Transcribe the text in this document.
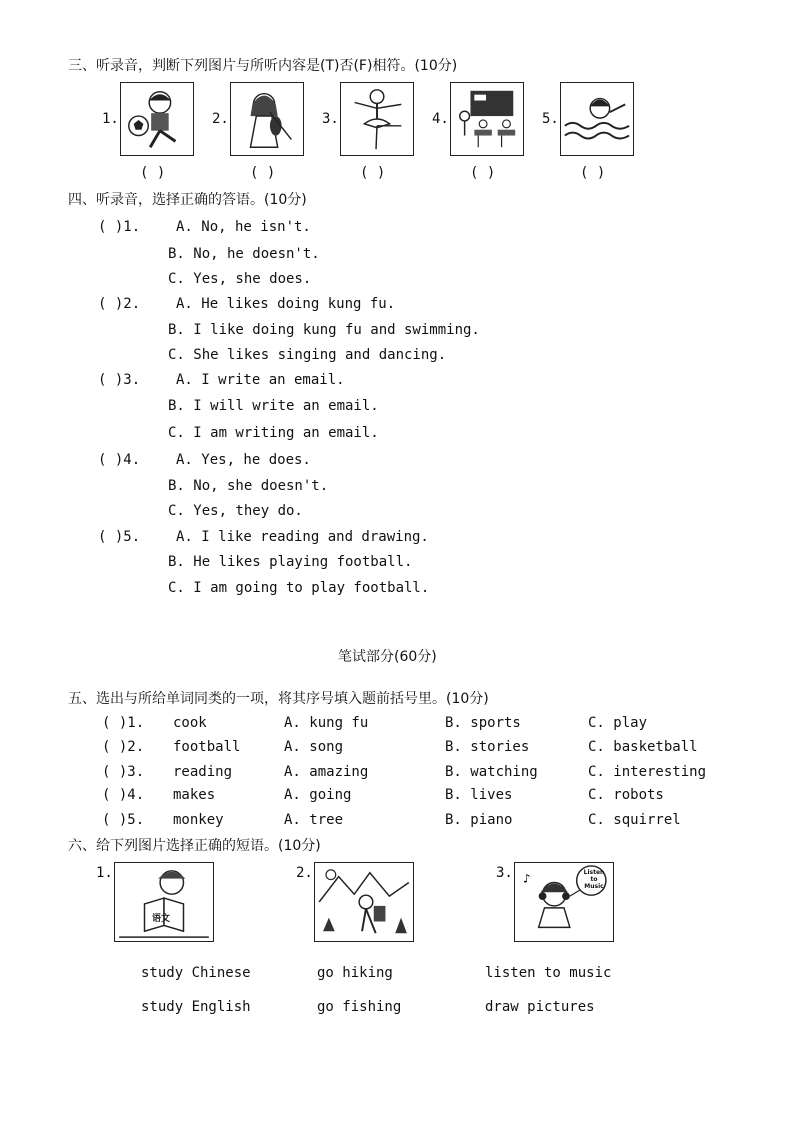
三、听录音，判断下列图片与所听内容是(T)否(F)相符。(10分)
1.
( )
2.
( )
3.
( )
4.
( )
5.
( )
四、听录音，选择正确的答语。(10分)
( )1.	A. No, he isn't.
B. No, he doesn't.
C. Yes, she does.
( )2.	A. He likes doing kung fu.
B. I like doing kung fu and swimming.
C. She likes singing and dancing.
( )3.	A. I write an email.
B. I will write an email.
C. I am writing an email.
( )4.	A. Yes, he does.
B. No, she doesn't.
C. Yes, they do.
( )5.	A. I like reading and drawing.
B. He likes playing football.
C. I am going to play football.
笔试部分(60分)
五、选出与所给单词同类的一项，将其序号填入题前括号里。(10分)
( )1. cook	A. kung fu	B. sports	C. play
( )2. football	A. song	B. stories	C. basketball
( )3. reading	A. amazing	B. watching	C. interesting
( )4. makes	A. going	B. lives	C. robots
( )5. monkey	A. tree	B. piano	C. squirrel
六、给下列图片选择正确的短语。(10分)
1.
语文
study Chinese
study English
2.
go hiking
go fishing
3. ♪	Listen
to
Music
listen to music
draw pictures
